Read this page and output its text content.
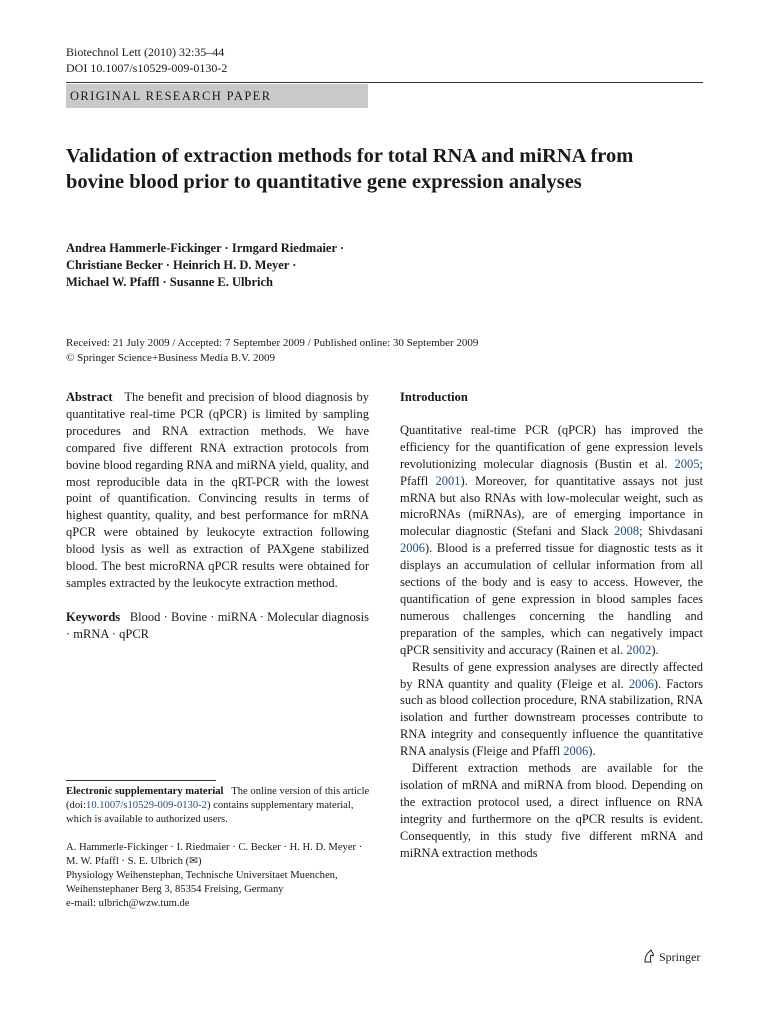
Biotechnol Lett (2010) 32:35–44
DOI 10.1007/s10529-009-0130-2
ORIGINAL RESEARCH PAPER
Validation of extraction methods for total RNA and miRNA from bovine blood prior to quantitative gene expression analyses
Andrea Hammerle-Fickinger · Irmgard Riedmaier ·
Christiane Becker · Heinrich H. D. Meyer ·
Michael W. Pfaffl · Susanne E. Ulbrich
Received: 21 July 2009 / Accepted: 7 September 2009 / Published online: 30 September 2009
© Springer Science+Business Media B.V. 2009

Abstract The benefit and precision of blood diagnosis by quantitative real-time PCR (qPCR) is limited by sampling procedures and RNA extraction methods. We have compared five different RNA extraction protocols from bovine blood regarding RNA and miRNA yield, quality, and most reproducible data in the qRT-PCR with the lowest point of quantification. Convincing results in terms of highest quantity, quality, and best performance for mRNA qPCR were obtained by leukocyte extraction following blood lysis as well as extraction of PAXgene stabilized blood. The best microRNA qPCR results were obtained for samples extracted by the leukocyte extraction method.

Keywords Blood · Bovine · miRNA · Molecular diagnosis · mRNA · qPCR

Electronic supplementary material The online version of this article (doi:10.1007/s10529-009-0130-2) contains supplementary material, which is available to authorized users.
A. Hammerle-Fickinger · I. Riedmaier · C. Becker · H. H. D. Meyer · M. W. Pfaffl · S. E. Ulbrich (✉)
Physiology Weihenstephan, Technische Universitaet Muenchen, Weihenstephaner Berg 3, 85354 Freising, Germany
e-mail: ulbrich@wzw.tum.de

Introduction

Quantitative real-time PCR (qPCR) has improved the efficiency for the quantification of gene expression levels revolutionizing molecular diagnosis (Bustin et al. 2005; Pfaffl 2001). Moreover, for quantitative assays not just mRNA but also RNAs with low-molecular weight, such as microRNAs (miRNAs), are of emerging importance in molecular diagnostic (Stefani and Slack 2008; Shivdasani 2006). Blood is a preferred tissue for diagnostic tests as it displays an accumulation of cellular information from all sections of the body and is easy to access. However, the quantification of gene expression in blood samples faces numerous challenges concerning the handling and preparation of the samples, which can negatively impact qPCR sensitivity and accuracy (Rainen et al. 2002).

Results of gene expression analyses are directly affected by RNA quantity and quality (Fleige et al. 2006). Factors such as blood collection procedure, RNA stabilization, RNA isolation and further downstream processes contribute to RNA integrity and consequently influence the quantitative RNA analysis (Fleige and Pfaffl 2006).

Different extraction methods are available for the isolation of mRNA and miRNA from blood. Depending on the extraction protocol used, a direct influence on RNA integrity and furthermore on the qPCR results is evident. Consequently, in this study five different mRNA and miRNA extraction methods

Springer
